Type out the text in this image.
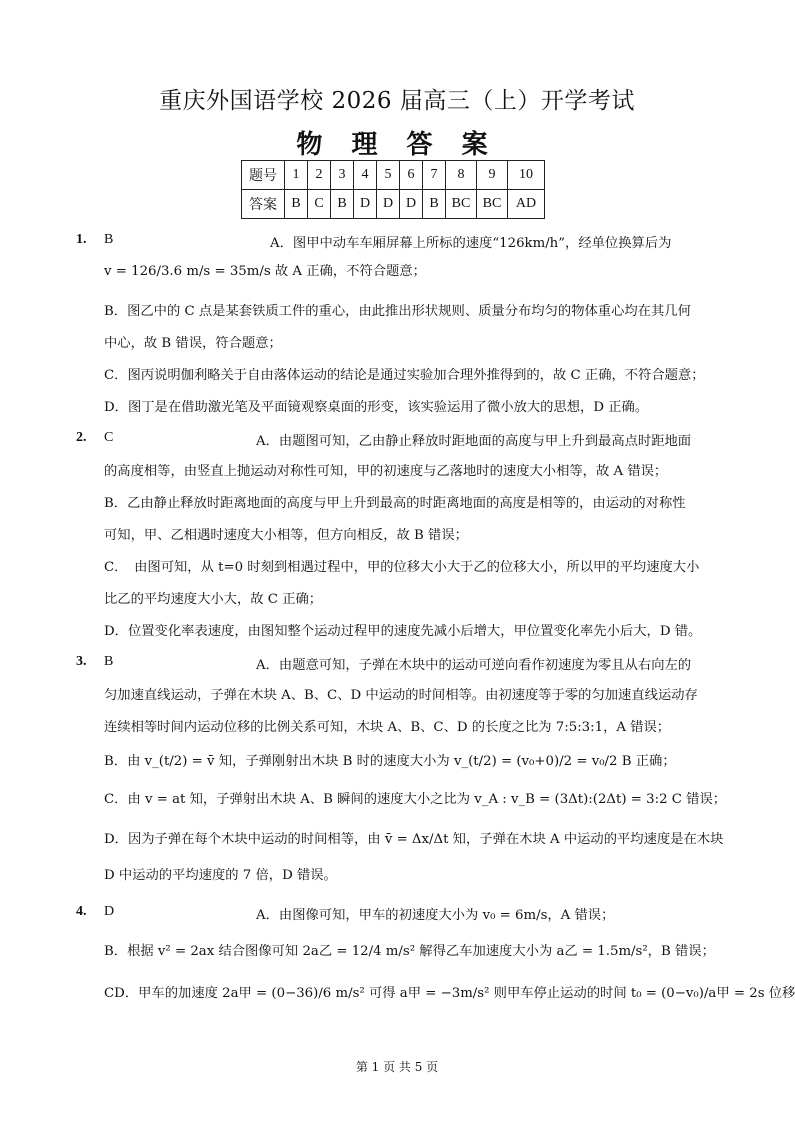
重庆外国语学校 2026 届高三（上）开学考试
物 理 答 案
题号	1	2	3	4	5	6	7	8	9	10
答案	B	C	B	D	D	D	B	BC	BC	AD
1. B	A．图甲中动车车厢屏幕上所标的速度“126km/h”，经单位换算后为
v = 126/3.6 m/s = 35m/s 故 A 正确，不符合题意；
B．图乙中的 C 点是某套铁质工件的重心，由此推出形状规则、质量分布均匀的物体重心均在其几何
中心，故 B 错误，符合题意；
C．图丙说明伽利略关于自由落体运动的结论是通过实验加合理外推得到的，故 C 正确，不符合题意；
D．图丁是在借助激光笔及平面镜观察桌面的形变，该实验运用了微小放大的思想，D 正确。
2. C	A．由题图可知，乙由静止释放时距地面的高度与甲上升到最高点时距地面
的高度相等，由竖直上抛运动对称性可知，甲的初速度与乙落地时的速度大小相等，故 A 错误；
B．乙由静止释放时距离地面的高度与甲上升到最高的时距离地面的高度是相等的，由运动的对称性
可知，甲、乙相遇时速度大小相等，但方向相反，故 B 错误；
C．　由图可知，从 t=0 时刻到相遇过程中，甲的位移大小大于乙的位移大小，所以甲的平均速度大小
比乙的平均速度大小大，故 C 正确；
D．位置变化率表速度，由图知整个运动过程甲的速度先减小后增大，甲位置变化率先小后大，D 错。
3. B	A．由题意可知，子弹在木块中的运动可逆向看作初速度为零且从右向左的
匀加速直线运动，子弹在木块 A、B、C、D 中运动的时间相等。由初速度等于零的匀加速直线运动存
连续相等时间内运动位移的比例关系可知，木块 A、B、C、D 的长度之比为 7:5:3:1，A 错误；
B．由 v_(t/2) = v̄ 知，子弹刚射出木块 B 时的速度大小为 v_(t/2) = (v₀+0)/2 = v₀/2 B 正确；
C．由 v = at 知，子弹射出木块 A、B 瞬间的速度大小之比为 v_A : v_B = (3Δt):(2Δt) = 3:2 C 错误；
D．因为子弹在每个木块中运动的时间相等，由 v̄ = Δx/Δt 知，子弹在木块 A 中运动的平均速度是在木块
D 中运动的平均速度的 7 倍，D 错误。
4. D	A．由图像可知，甲车的初速度大小为 v₀ = 6m/s，A 错误；
B．根据 v² = 2ax 结合图像可知 2a乙 = 12/4 m/s² 解得乙车加速度大小为 a乙 = 1.5m/s²，B 错误；
CD．甲车的加速度 2a甲 = (0−36)/6 m/s² 可得 a甲 = −3m/s² 则甲车停止运动的时间 t₀ = (0−v₀)/a甲 = 2s 位移
第 1 页 共 5 页
